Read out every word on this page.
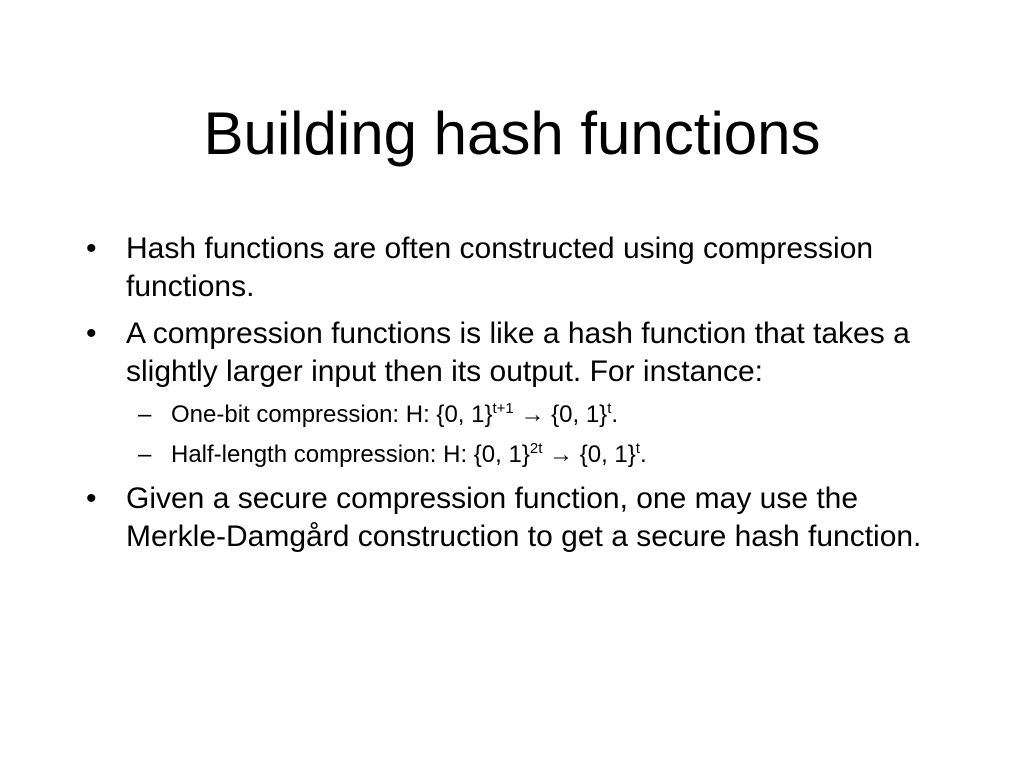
Building hash functions
• Hash functions are often constructed using compression functions.
• A compression functions is like a hash function that takes a slightly larger input then its output. For instance:
– One-bit compression: H: {0, 1}$^{t+1}$ → {0, 1}$^t$.
– Half-length compression: H: {0, 1}$^{2t}$ → {0, 1}$^t$.
• Given a secure compression function, one may use the Merkle-Damgård construction to get a secure hash function.
